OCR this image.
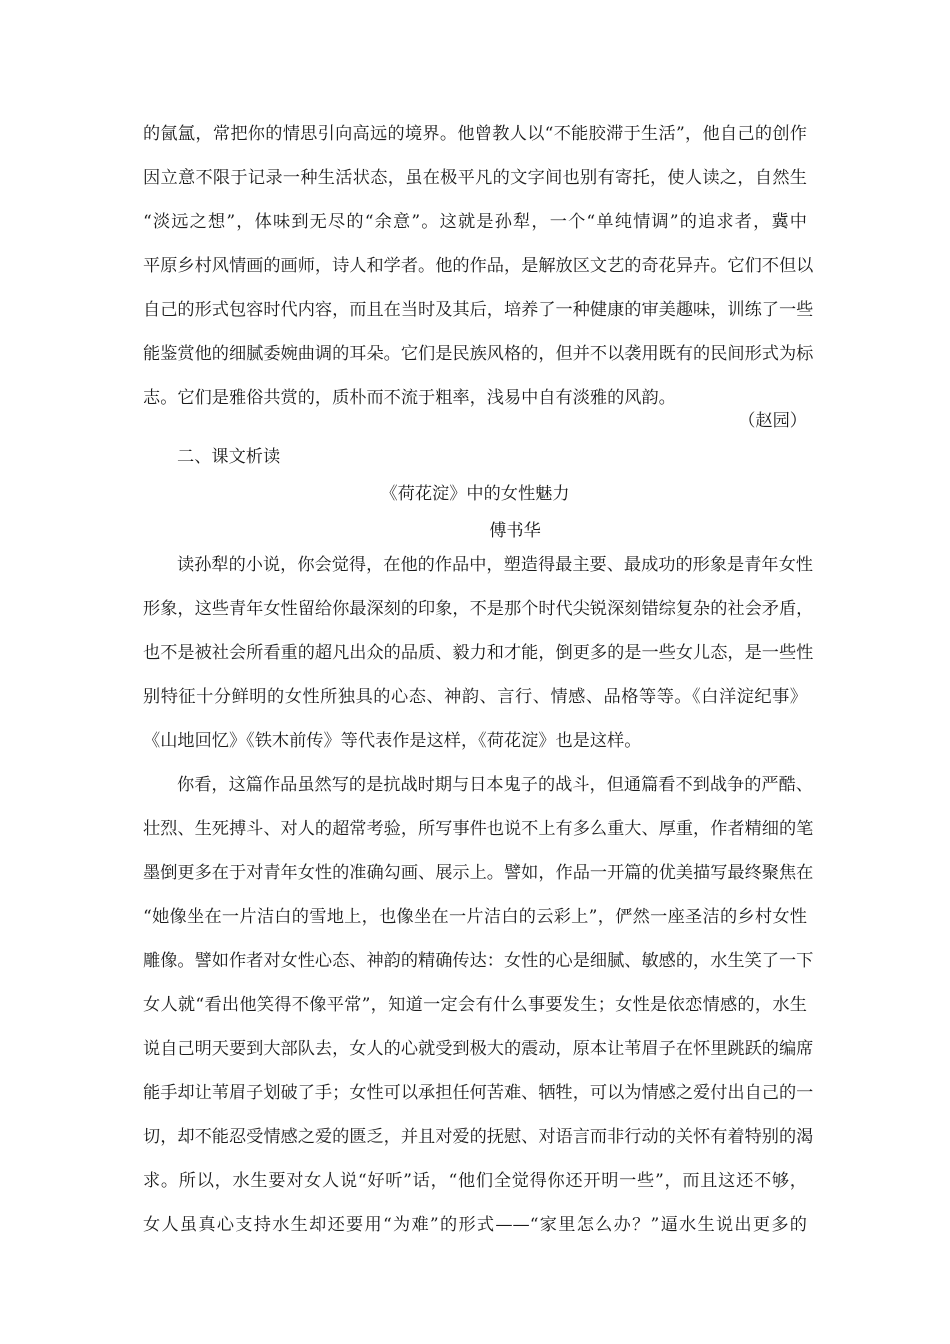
的氤氲，常把你的情思引向高远的境界。他曾教人以“不能胶滞于生活”，他自己的创作
因立意不限于记录一种生活状态，虽在极平凡的文字间也别有寄托，使人读之，自然生
“淡远之想”，体味到无尽的“余意”。这就是孙犁，一个“单纯情调”的追求者，冀中
平原乡村风情画的画师，诗人和学者。他的作品，是解放区文艺的奇花异卉。它们不但以
自己的形式包容时代内容，而且在当时及其后，培养了一种健康的审美趣味，训练了一些
能鉴赏他的细腻委婉曲调的耳朵。它们是民族风格的，但并不以袭用既有的民间形式为标
志。它们是雅俗共赏的，质朴而不流于粗率，浅易中自有淡雅的风韵。
（赵园）
二、课文析读
《荷花淀》中的女性魅力
傅书华
读孙犁的小说，你会觉得，在他的作品中，塑造得最主要、最成功的形象是青年女性
形象，这些青年女性留给你最深刻的印象，不是那个时代尖锐深刻错综复杂的社会矛盾，
也不是被社会所看重的超凡出众的品质、毅力和才能，倒更多的是一些女儿态，是一些性
别特征十分鲜明的女性所独具的心态、神韵、言行、情感、品格等等。《白洋淀纪事》
《山地回忆》《铁木前传》等代表作是这样，《荷花淀》也是这样。
你看，这篇作品虽然写的是抗战时期与日本鬼子的战斗，但通篇看不到战争的严酷、
壮烈、生死搏斗、对人的超常考验，所写事件也说不上有多么重大、厚重，作者精细的笔
墨倒更多在于对青年女性的准确勾画、展示上。譬如，作品一开篇的优美描写最终聚焦在
“她像坐在一片洁白的雪地上，也像坐在一片洁白的云彩上”，俨然一座圣洁的乡村女性
雕像。譬如作者对女性心态、神韵的精确传达：女性的心是细腻、敏感的，水生笑了一下
女人就“看出他笑得不像平常”，知道一定会有什么事要发生；女性是依恋情感的，水生
说自己明天要到大部队去，女人的心就受到极大的震动，原本让苇眉子在怀里跳跃的编席
能手却让苇眉子划破了手；女性可以承担任何苦难、牺牲，可以为情感之爱付出自己的一
切，却不能忍受情感之爱的匮乏，并且对爱的抚慰、对语言而非行动的关怀有着特别的渴
求。所以，水生要对女人说“好听”话，“他们全觉得你还开明一些”，而且这还不够，
女人虽真心支持水生却还要用“为难”的形式——“家里怎么办？”逼水生说出更多的
